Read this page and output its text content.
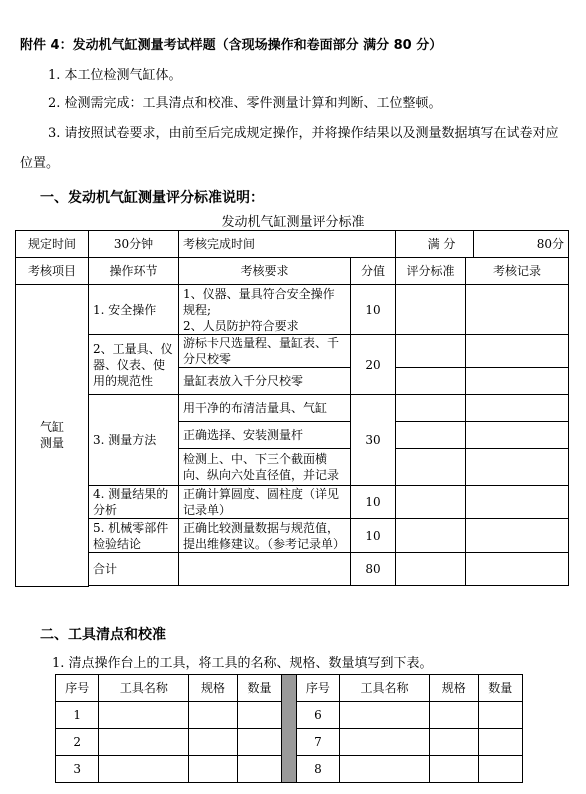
附件 4：发动机气缸测量考试样题（含现场操作和卷面部分 满分 80 分）
1. 本工位检测气缸体。
2. 检测需完成：工具清点和校准、零件测量计算和判断、工位整顿。
3. 请按照试卷要求，由前至后完成规定操作，并将操作结果以及测量数据填写在试卷对应位置。
一、发动机气缸测量评分标准说明：
发动机气缸测量评分标准
规定时间	30分钟	考核完成时间			满 分 80分

考核项目	操作环节	考核要求	分值	评分标准	考核记录
气缸
测量	1. 安全操作	1、仪器、量具符合安全操作规程;
2、人员防护符合要求	10		
	2、工量具、仪器、仪表、使用的规范性	游标卡尺选量程、量缸表、千分尺校零	20		
		量缸表放入千分尺校零			
	3. 测量方法	用干净的布清洁量具、气缸	30		
		正确选择、安装测量杆			
		检测上、中、下三个截面横向、纵向六处直径值，并记录			
	4. 测量结果的分析	正确计算圆度、圆柱度（详见记录单）	10		
	5. 机械零部件检验结论	正确比较测量数据与规范值，提出维修建议。（参考记录单）	10		
	合计		80		

二、工具清点和校准
1. 清点操作台上的工具，将工具的名称、规格、数量填写到下表。
序号	工具名称	规格	数量		序号	工具名称	规格	数量
1					6			
2					7			
3					8			
